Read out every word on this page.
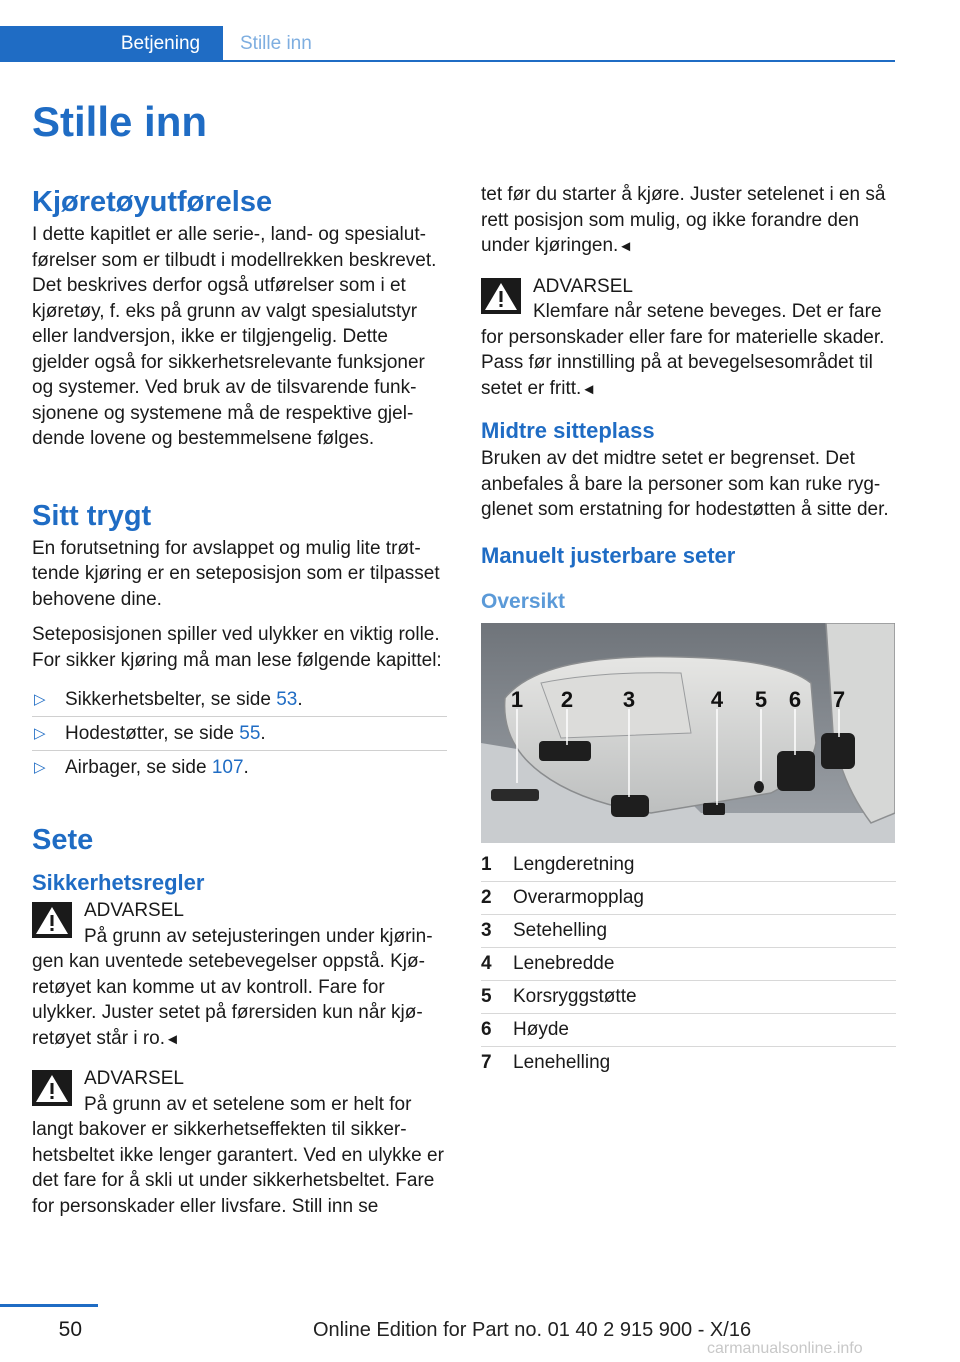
Betjening	Stille inn
Stille inn
Kjøretøyutførelse

I dette kapitlet er alle serie-, land- og spesialutførelser som er tilbudt i modellrekken beskrevet. Det beskrives derfor også utførelser som i et kjøretøy, f. eks på grunn av valgt spesialutstyr eller landversjon, ikke er tilgjengelig. Dette gjelder også for sikkerhetsrelevante funksjoner og systemer. Ved bruk av de tilsvarende funksjonene og systemene må de respektive gjeldende lovene og bestemmelsene følges.

Sitt trygt

En forutsetning for avslappet og mulig lite trøttende kjøring er en seteposisjon som er tilpasset behovene dine.

Seteposisjonen spiller ved ulykker en viktig rolle. For sikker kjøring må man lese følgende kapittel:

▷ Sikkerhetsbelter, se side 53.
▷ Hodestøtter, se side 55.
▷ Airbager, se side 107.
Sete
Sikkerhetsregler
ADVARSEL

På grunn av setejusteringen under kjøringen kan uventede setebevegelser oppstå. Kjøretøyet kan komme ut av kontroll. Fare for ulykker. Juster setet på førersiden kun når kjøretøyet står i ro.◄

ADVARSEL

På grunn av et setelene som er helt for langt bakover er sikkerhetseffekten til sikkerhetsbeltet ikke lenger garantert. Ved en ulykke er det fare for å skli ut under sikkerhetsbeltet. Fare for personskader eller livsfare. Still inn se

tet før du starter å kjøre. Juster setelenet i en så rett posisjon som mulig, og ikke forandre den under kjøringen.◄

ADVARSEL

Klemfare når setene beveges. Det er fare for personskader eller fare for materielle skader. Pass før innstilling på at bevegelsesområdet til setet er fritt.◄

Midtre sitteplass

Bruken av det midtre setet er begrenset. Det anbefales å bare la personer som kan ruke rygglenet som erstatning for hodestøtten å sitte der.

Manuelt justerbare seter
Oversikt
1 2 3	4 5 6 7
1 Lengderetning
2 Overarmopplag
3 Setehelling
4 Lenebredde
5 Korsryggstøtte
6 Høyde
7 Lenehelling
50	Online Edition for Part no. 01 40 2 915 900 - X/16
carmanualsonline.info
